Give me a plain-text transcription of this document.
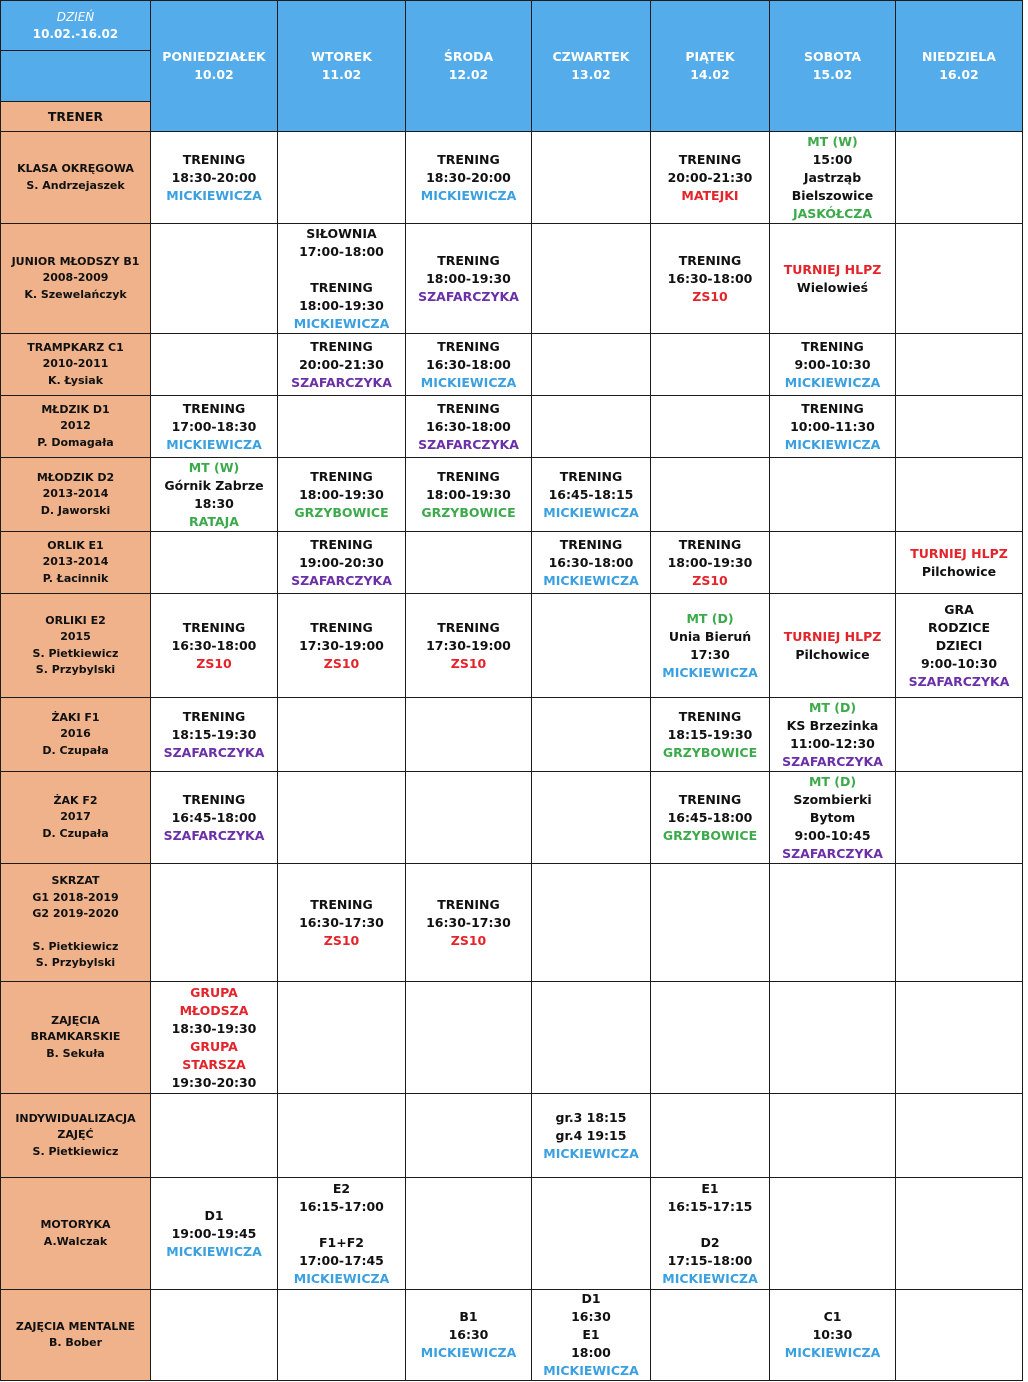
DZIEŃ
10.02.-16.02
TRENER
PONIEDZIAŁEK
10.02
WTOREK
11.02
ŚRODA
12.02
CZWARTEK
13.02
PIĄTEK
14.02
SOBOTA
15.02
NIEDZIELA
16.02
KLASA OKRĘGOWA
S. Andrzejaszek
TRENING
18:30-20:00
MICKIEWICZA
TRENING
18:30-20:00
MICKIEWICZA
TRENING
20:00-21:30
MATEJKI
MT (W)
15:00
Jastrząb
Bielszowice
JASKÓŁCZA
JUNIOR MŁODSZY B1
2008-2009
K. Szewelańczyk
SIŁOWNIA
17:00-18:00
TRENING
18:00-19:30
MICKIEWICZA
TRENING
18:00-19:30
SZAFARCZYKA
TRENING
16:30-18:00
ZS10
TURNIEJ HLPZ
Wielowieś
TRAMPKARZ C1
2010-2011
K. Łysiak
TRENING
20:00-21:30
SZAFARCZYKA
TRENING
16:30-18:00
MICKIEWICZA
TRENING
9:00-10:30
MICKIEWICZA
MŁDZIK D1
2012
P. Domagała
TRENING
17:00-18:30
MICKIEWICZA
TRENING
16:30-18:00
SZAFARCZYKA
TRENING
10:00-11:30
MICKIEWICZA
MŁODZIK D2
2013-2014
D. Jaworski
MT (W)
Górnik Zabrze
18:30
RATAJA
TRENING
18:00-19:30
GRZYBOWICE
TRENING
18:00-19:30
GRZYBOWICE
TRENING
16:45-18:15
MICKIEWICZA
ORLIK E1
2013-2014
P. Łacinnik
TRENING
19:00-20:30
SZAFARCZYKA
TRENING
16:30-18:00
MICKIEWICZA
TRENING
18:00-19:30
ZS10
TURNIEJ HLPZ
Pilchowice
ORLIKI E2
2015
S. Pietkiewicz
S. Przybylski
TRENING
16:30-18:00
ZS10
TRENING
17:30-19:00
ZS10
TRENING
17:30-19:00
ZS10
MT (D)
Unia Bieruń
17:30
MICKIEWICZA
TURNIEJ HLPZ
Pilchowice
GRA
RODZICE
DZIECI
9:00-10:30
SZAFARCZYKA
ŻAKI F1
2016
D. Czupała
TRENING
18:15-19:30
SZAFARCZYKA
TRENING
18:15-19:30
GRZYBOWICE
MT (D)
KS Brzezinka
11:00-12:30
SZAFARCZYKA
ŻAK F2
2017
D. Czupała
TRENING
16:45-18:00
SZAFARCZYKA
TRENING
16:45-18:00
GRZYBOWICE
MT (D)
Szombierki
Bytom
9:00-10:45
SZAFARCZYKA
SKRZAT
G1 2018-2019
G2 2019-2020
S. Pietkiewicz
S. Przybylski
TRENING
16:30-17:30
ZS10
TRENING
16:30-17:30
ZS10
ZAJĘCIA
BRAMKARSKIE
B. Sekuła
GRUPA
MŁODSZA
18:30-19:30
GRUPA
STARSZA
19:30-20:30
INDYWIDUALIZACJA
ZAJĘĆ
S. Pietkiewicz
gr.3 18:15
gr.4 19:15
MICKIEWICZA
MOTORYKA
A.Walczak
D1
19:00-19:45
MICKIEWICZA
E2
16:15-17:00
F1+F2
17:00-17:45
MICKIEWICZA
E1
16:15-17:15
D2
17:15-18:00
MICKIEWICZA
ZAJĘCIA MENTALNE
B. Bober
B1
16:30
MICKIEWICZA
D1
16:30
E1
18:00
MICKIEWICZA
C1
10:30
MICKIEWICZA
